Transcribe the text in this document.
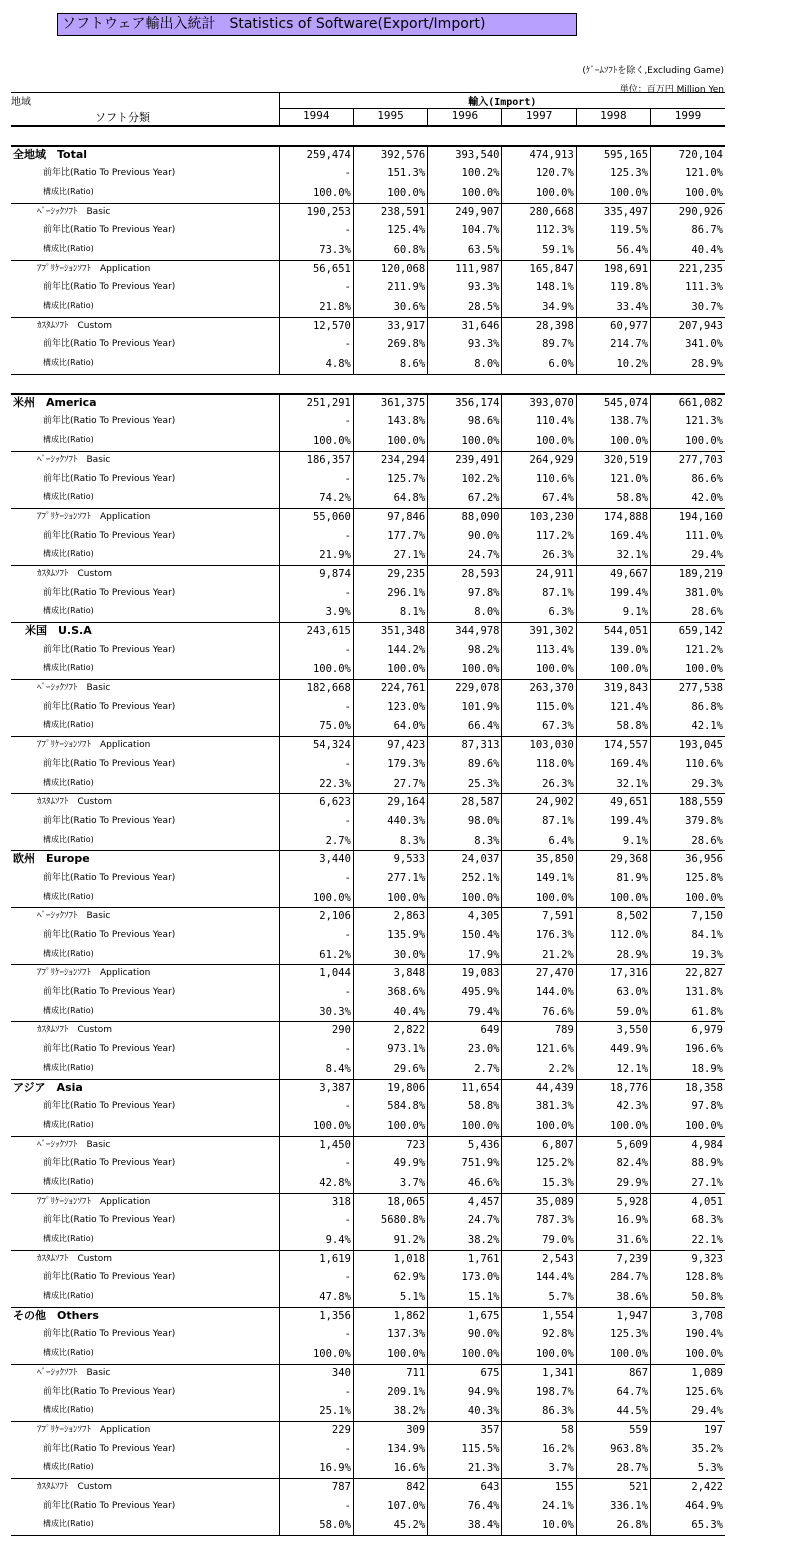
ソフトウェア輸出入統計　Statistics of Software(Export/Import)
(ｹﾞｰﾑｿﾌﾄを除く,Excluding Game)
単位：百万円 Million Yen
地域	輸入(Import)					
ソフト分類	1994	1995	1996	1997	1998	1999

全地域　Total	259,474	392,576	393,540	474,913	595,165	720,104
前年比(Ratio To Previous Year)	-	151.3%	100.2%	120.7%	125.3%	121.0%
構成比(Ratio)	100.0%	100.0%	100.0%	100.0%	100.0%	100.0%
ﾍﾞｰｼｯｸｿﾌﾄ　Basic	190,253	238,591	249,907	280,668	335,497	290,926
前年比(Ratio To Previous Year)	-	125.4%	104.7%	112.3%	119.5%	86.7%
構成比(Ratio)	73.3%	60.8%	63.5%	59.1%	56.4%	40.4%
ｱﾌﾟﾘｹｰｼｮﾝｿﾌﾄ　Application	56,651	120,068	111,987	165,847	198,691	221,235
前年比(Ratio To Previous Year)	-	211.9%	93.3%	148.1%	119.8%	111.3%
構成比(Ratio)	21.8%	30.6%	28.5%	34.9%	33.4%	30.7%
ｶｽﾀﾑｿﾌﾄ　Custom	12,570	33,917	31,646	28,398	60,977	207,943
前年比(Ratio To Previous Year)	-	269.8%	93.3%	89.7%	214.7%	341.0%
構成比(Ratio)	4.8%	8.6%	8.0%	6.0%	10.2%	28.9%

米州　America	251,291	361,375	356,174	393,070	545,074	661,082
前年比(Ratio To Previous Year)	-	143.8%	98.6%	110.4%	138.7%	121.3%
構成比(Ratio)	100.0%	100.0%	100.0%	100.0%	100.0%	100.0%
ﾍﾞｰｼｯｸｿﾌﾄ　Basic	186,357	234,294	239,491	264,929	320,519	277,703
前年比(Ratio To Previous Year)	-	125.7%	102.2%	110.6%	121.0%	86.6%
構成比(Ratio)	74.2%	64.8%	67.2%	67.4%	58.8%	42.0%
ｱﾌﾟﾘｹｰｼｮﾝｿﾌﾄ　Application	55,060	97,846	88,090	103,230	174,888	194,160
前年比(Ratio To Previous Year)	-	177.7%	90.0%	117.2%	169.4%	111.0%
構成比(Ratio)	21.9%	27.1%	24.7%	26.3%	32.1%	29.4%
ｶｽﾀﾑｿﾌﾄ　Custom	9,874	29,235	28,593	24,911	49,667	189,219
前年比(Ratio To Previous Year)	-	296.1%	97.8%	87.1%	199.4%	381.0%
構成比(Ratio)	3.9%	8.1%	8.0%	6.3%	9.1%	28.6%
米国　U.S.A	243,615	351,348	344,978	391,302	544,051	659,142
前年比(Ratio To Previous Year)	-	144.2%	98.2%	113.4%	139.0%	121.2%
構成比(Ratio)	100.0%	100.0%	100.0%	100.0%	100.0%	100.0%
ﾍﾞｰｼｯｸｿﾌﾄ　Basic	182,668	224,761	229,078	263,370	319,843	277,538
前年比(Ratio To Previous Year)	-	123.0%	101.9%	115.0%	121.4%	86.8%
構成比(Ratio)	75.0%	64.0%	66.4%	67.3%	58.8%	42.1%
ｱﾌﾟﾘｹｰｼｮﾝｿﾌﾄ　Application	54,324	97,423	87,313	103,030	174,557	193,045
前年比(Ratio To Previous Year)	-	179.3%	89.6%	118.0%	169.4%	110.6%
構成比(Ratio)	22.3%	27.7%	25.3%	26.3%	32.1%	29.3%
ｶｽﾀﾑｿﾌﾄ　Custom	6,623	29,164	28,587	24,902	49,651	188,559
前年比(Ratio To Previous Year)	-	440.3%	98.0%	87.1%	199.4%	379.8%
構成比(Ratio)	2.7%	8.3%	8.3%	6.4%	9.1%	28.6%
欧州　Europe	3,440	9,533	24,037	35,850	29,368	36,956
前年比(Ratio To Previous Year)	-	277.1%	252.1%	149.1%	81.9%	125.8%
構成比(Ratio)	100.0%	100.0%	100.0%	100.0%	100.0%	100.0%
ﾍﾞｰｼｯｸｿﾌﾄ　Basic	2,106	2,863	4,305	7,591	8,502	7,150
前年比(Ratio To Previous Year)	-	135.9%	150.4%	176.3%	112.0%	84.1%
構成比(Ratio)	61.2%	30.0%	17.9%	21.2%	28.9%	19.3%
ｱﾌﾟﾘｹｰｼｮﾝｿﾌﾄ　Application	1,044	3,848	19,083	27,470	17,316	22,827
前年比(Ratio To Previous Year)	-	368.6%	495.9%	144.0%	63.0%	131.8%
構成比(Ratio)	30.3%	40.4%	79.4%	76.6%	59.0%	61.8%
ｶｽﾀﾑｿﾌﾄ　Custom	290	2,822	649	789	3,550	6,979
前年比(Ratio To Previous Year)	-	973.1%	23.0%	121.6%	449.9%	196.6%
構成比(Ratio)	8.4%	29.6%	2.7%	2.2%	12.1%	18.9%
アジア　Asia	3,387	19,806	11,654	44,439	18,776	18,358
前年比(Ratio To Previous Year)	-	584.8%	58.8%	381.3%	42.3%	97.8%
構成比(Ratio)	100.0%	100.0%	100.0%	100.0%	100.0%	100.0%
ﾍﾞｰｼｯｸｿﾌﾄ　Basic	1,450	723	5,436	6,807	5,609	4,984
前年比(Ratio To Previous Year)	-	49.9%	751.9%	125.2%	82.4%	88.9%
構成比(Ratio)	42.8%	3.7%	46.6%	15.3%	29.9%	27.1%
ｱﾌﾟﾘｹｰｼｮﾝｿﾌﾄ　Application	318	18,065	4,457	35,089	5,928	4,051
前年比(Ratio To Previous Year)	-	5680.8%	24.7%	787.3%	16.9%	68.3%
構成比(Ratio)	9.4%	91.2%	38.2%	79.0%	31.6%	22.1%
ｶｽﾀﾑｿﾌﾄ　Custom	1,619	1,018	1,761	2,543	7,239	9,323
前年比(Ratio To Previous Year)	-	62.9%	173.0%	144.4%	284.7%	128.8%
構成比(Ratio)	47.8%	5.1%	15.1%	5.7%	38.6%	50.8%
その他　Others	1,356	1,862	1,675	1,554	1,947	3,708
前年比(Ratio To Previous Year)	-	137.3%	90.0%	92.8%	125.3%	190.4%
構成比(Ratio)	100.0%	100.0%	100.0%	100.0%	100.0%	100.0%
ﾍﾞｰｼｯｸｿﾌﾄ　Basic	340	711	675	1,341	867	1,089
前年比(Ratio To Previous Year)	-	209.1%	94.9%	198.7%	64.7%	125.6%
構成比(Ratio)	25.1%	38.2%	40.3%	86.3%	44.5%	29.4%
ｱﾌﾟﾘｹｰｼｮﾝｿﾌﾄ　Application	229	309	357	58	559	197
前年比(Ratio To Previous Year)	-	134.9%	115.5%	16.2%	963.8%	35.2%
構成比(Ratio)	16.9%	16.6%	21.3%	3.7%	28.7%	5.3%
ｶｽﾀﾑｿﾌﾄ　Custom	787	842	643	155	521	2,422
前年比(Ratio To Previous Year)	-	107.0%	76.4%	24.1%	336.1%	464.9%
構成比(Ratio)	58.0%	45.2%	38.4%	10.0%	26.8%	65.3%
